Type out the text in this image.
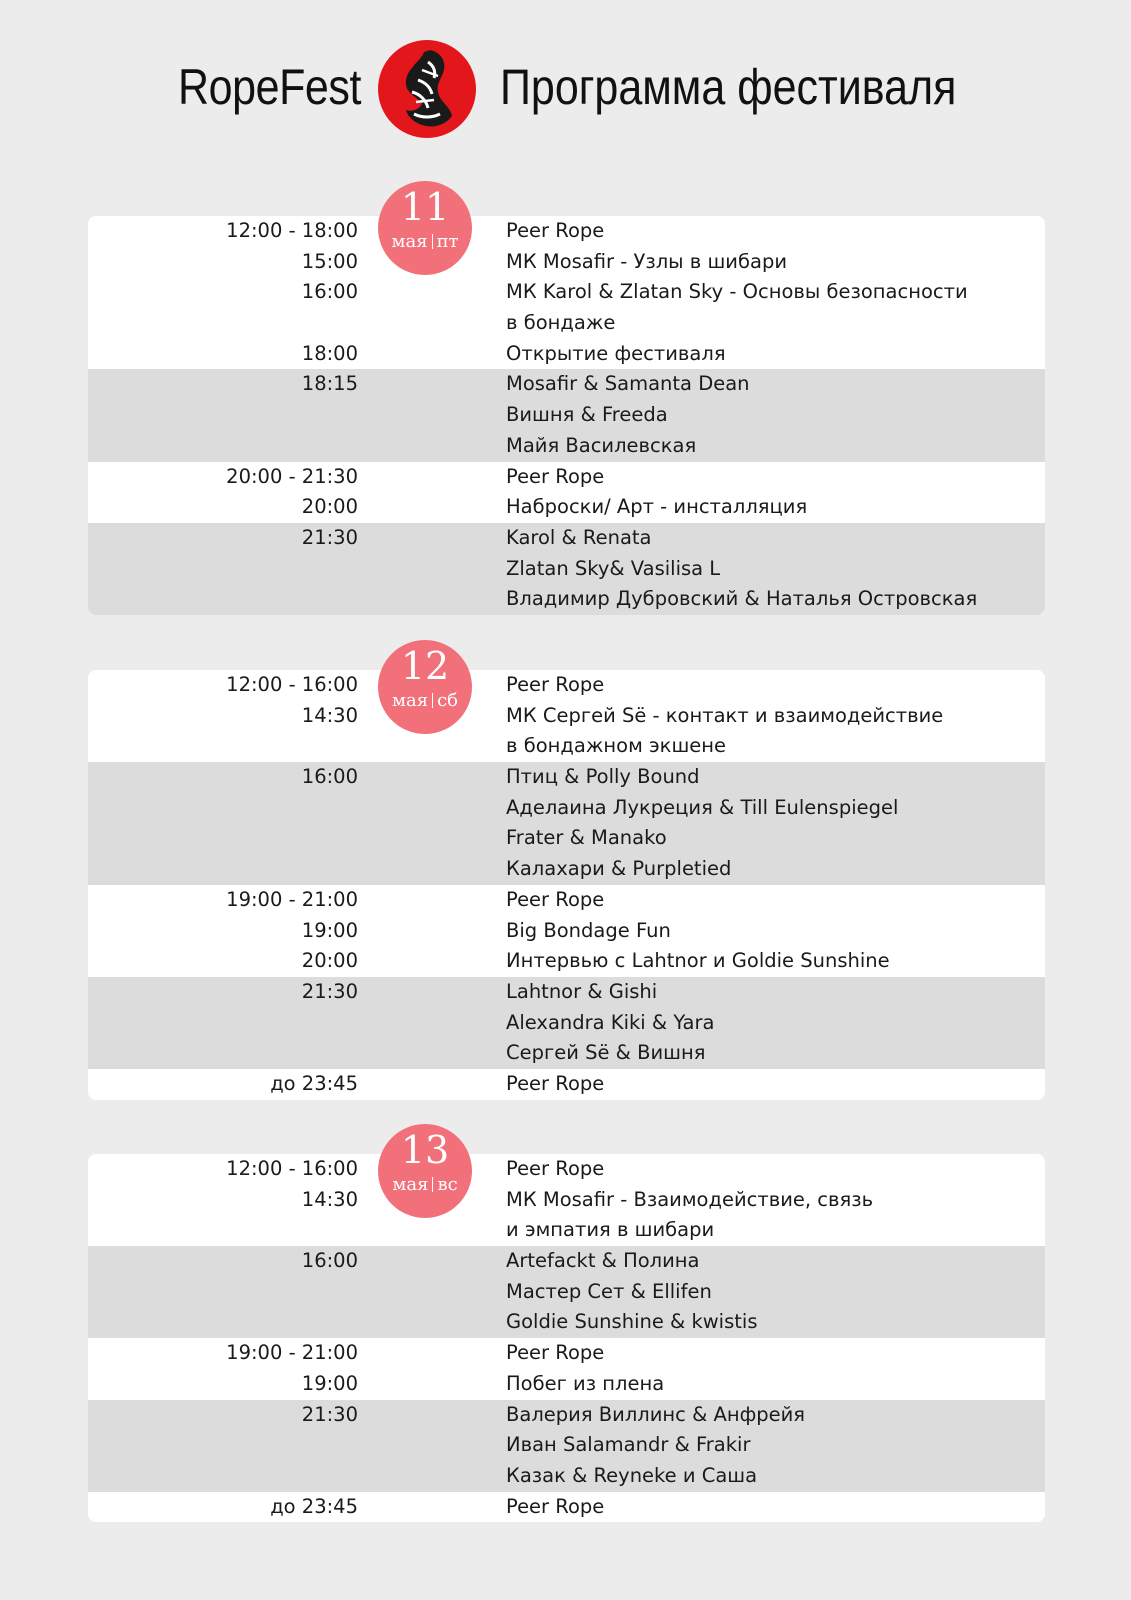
RopeFest	Программа фестиваля
12:00 - 18:00	Peer Rope
15:00	МК Mosafir - Узлы в шибари
16:00	МК Karol & Zlatan Sky - Основы безопасности
в бондаже
18:00	Открытие фестиваля
18:15	Mosafir & Samanta Dean
Вишня & Freeda
Майя Василевская
20:00 - 21:30	Peer Rope
20:00	Наброски/ Арт - инсталляция
21:30	Karol & Renata
Zlatan Sky& Vasilisa L
Владимир Дубровский & Наталья Островская
11
мая пт
12:00 - 16:00	Peer Rope
14:30	МК Сергей Sё - контакт и взаимодействие
в бондажном экшене
16:00	Птиц & Polly Bound
Аделаина Лукреция & Till Eulenspiegel
Frater & Manako
Калахари & Purpletied
19:00 - 21:00	Peer Rope
19:00	Big Bondage Fun
20:00	Интервью с Lahtnor и Goldie Sunshine
21:30	Lahtnor & Gishi
Alexandra Kiki & Yara
Сергей Sё & Вишня
до 23:45	Peer Rope
12
мая сб
12:00 - 16:00	Peer Rope
14:30	МК Mosafir - Взаимодействие, связь
и эмпатия в шибари
16:00	Artefackt & Полина
Мастер Сет & Ellifen
Goldie Sunshine & kwistis
19:00 - 21:00	Peer Rope
19:00	Побег из плена
21:30	Валерия Виллинс & Анфрейя
Иван Salamandr & Frakir
Казак & Reyneke и Саша
до 23:45	Peer Rope
13
мая вс
